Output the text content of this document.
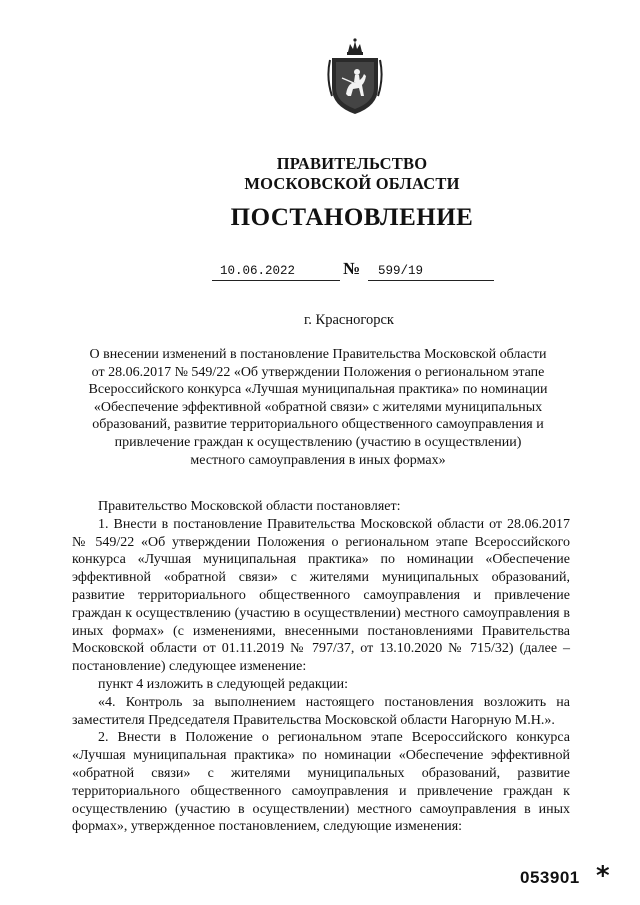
ПРАВИТЕЛЬСТВО
МОСКОВСКОЙ ОБЛАСТИ
ПОСТАНОВЛЕНИЕ
10.06.2022	№	599/19
г. Красногорск
О внесении изменений в постановление Правительства Московской области от 28.06.2017 № 549/22 «Об утверждении Положения о региональном этапе Всероссийского конкурса «Лучшая муниципальная практика» по номинации «Обеспечение эффективной «обратной связи» с жителями муниципальных образований, развитие территориального общественного самоуправления и привлечение граждан к осуществлению (участию в осуществлении) местного самоуправления в иных формах»

Правительство Московской области постановляет:

1. Внести в постановление Правительства Московской области от 28.06.2017 № 549/22 «Об утверждении Положения о региональном этапе Всероссийского конкурса «Лучшая муниципальная практика» по номинации «Обеспечение эффективной «обратной связи» с жителями муниципальных образований, развитие территориального общественного самоуправления и привлечение граждан к осуществлению (участию в осуществлении) местного самоуправления в иных формах» (с изменениями, внесенными постановлениями Правительства Московской области от 01.11.2019 № 797/37, от 13.10.2020 № 715/32) (далее – постановление) следующее изменение:

пункт 4 изложить в следующей редакции:

«4. Контроль за выполнением настоящего постановления возложить на заместителя Председателя Правительства Московской области Нагорную М.Н.».

2. Внести в Положение о региональном этапе Всероссийского конкурса «Лучшая муниципальная практика» по номинации «Обеспечение эффективной «обратной связи» с жителями муниципальных образований, развитие территориального общественного самоуправления и привлечение граждан к осуществлению (участию в осуществлении) местного самоуправления в иных формах», утвержденное постановлением, следующие изменения:

053901 *
